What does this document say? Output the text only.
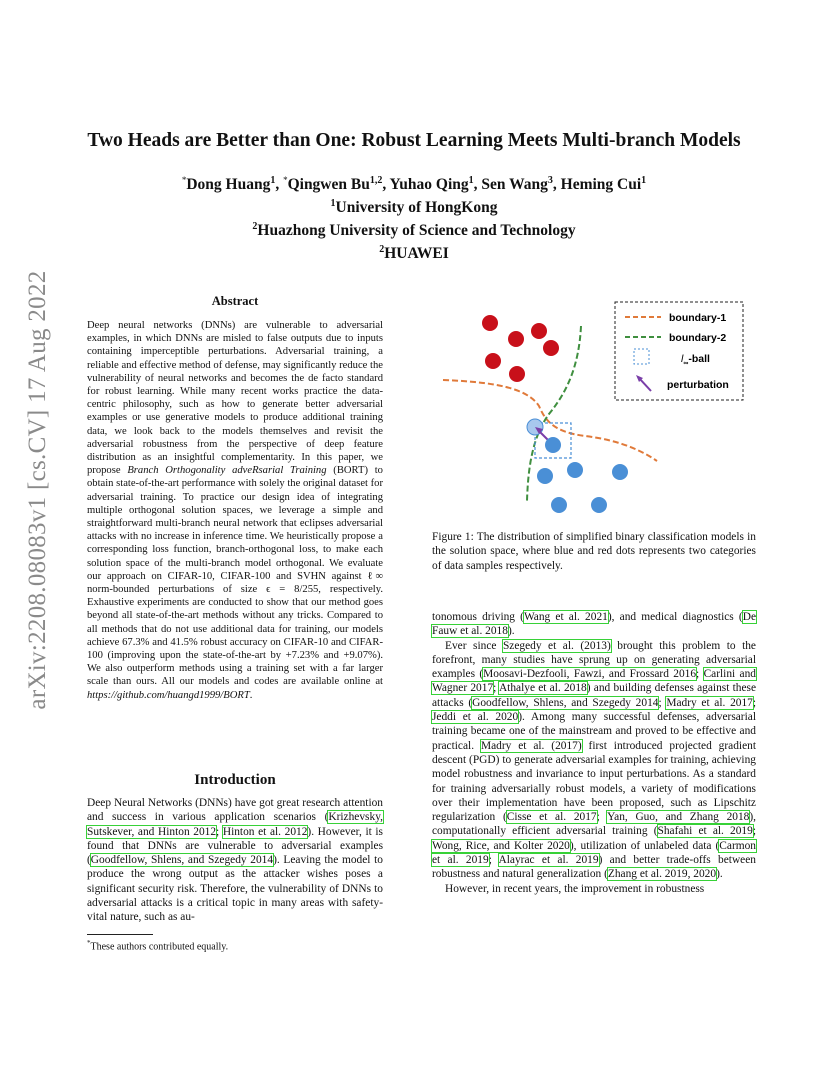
arXiv:2208.08083v1 [cs.CV] 17 Aug 2022
Two Heads are Better than One: Robust Learning Meets Multi-branch Models
*Dong Huang$^1$, *Qingwen Bu$^{1,2}$, Yuhao Qing$^1$, Sen Wang$^3$, Heming Cui$^1$
$^1$University of HongKong
$^2$Huazhong University of Science and Technology
$^2$HUAWEI
Abstract

Deep neural networks (DNNs) are vulnerable to adversarial examples, in which DNNs are misled to false outputs due to inputs containing imperceptible perturbations. Adversarial training, a reliable and effective method of defense, may significantly reduce the vulnerability of neural networks and becomes the de facto standard for robust learning. While many recent works practice the data-centric philosophy, such as how to generate better adversarial examples or use generative models to produce additional training data, we look back to the models themselves and revisit the adversarial robustness from the perspective of deep feature distribution as an insightful complementarity. In this paper, we propose Branch Orthogonality adveRsarial Training (BORT) to obtain state-of-the-art performance with solely the original dataset for adversarial training. To practice our design idea of integrating multiple orthogonal solution spaces, we leverage a simple and straightforward multi-branch neural network that eclipses adversarial attacks with no increase in inference time. We heuristically propose a corresponding loss function, branch-orthogonal loss, to make each solution space of the multi-branch model orthogonal. We evaluate our approach on CIFAR-10, CIFAR-100 and SVHN against ℓ∞ norm-bounded perturbations of size ϵ = 8/255, respectively. Exhaustive experiments are conducted to show that our method goes beyond all state-of-the-art methods without any tricks. Compared to all methods that do not use additional data for training, our models achieve 67.3% and 41.5% robust accuracy on CIFAR-10 and CIFAR-100 (improving upon the state-of-the-art by +7.23% and +9.07%). We also outperform methods using a training set with a far larger scale than ours. All our models and codes are available online at https://github.com/huangd1999/BORT.

Introduction

Deep Neural Networks (DNNs) have got great research attention and success in various application scenarios (Krizhevsky, Sutskever, and Hinton 2012; Hinton et al. 2012). However, it is found that DNNs are vulnerable to adversarial examples (Goodfellow, Shlens, and Szegedy 2014). Leaving the model to produce the wrong output as the attacker wishes poses a significant security risk. Therefore, the vulnerability of DNNs to adversarial attacks is a critical topic in many areas with safety-vital nature, such as au-

*These authors contributed equally.
boundary-1
boundary-2
$l_\infty$-ball
perturbation
Figure 1: The distribution of simplified binary classification models in the solution space, where blue and red dots represents two categories of data samples respectively.

tonomous driving (Wang et al. 2021), and medical diagnostics (De Fauw et al. 2018).

Ever since Szegedy et al. (2013) brought this problem to the forefront, many studies have sprung up on generating adversarial examples (Moosavi-Dezfooli, Fawzi, and Frossard 2016; Carlini and Wagner 2017; Athalye et al. 2018) and building defenses against these attacks (Goodfellow, Shlens, and Szegedy 2014; Madry et al. 2017; Jeddi et al. 2020). Among many successful defenses, adversarial training became one of the mainstream and proved to be effective and practical. Madry et al. (2017) first introduced projected gradient descent (PGD) to generate adversarial examples for training, achieving model robustness and invariance to input perturbations. As a standard for training adversarially robust models, a variety of modifications over their implementation have been proposed, such as Lipschitz regularization (Cisse et al. 2017; Yan, Guo, and Zhang 2018), computationally efficient adversarial training (Shafahi et al. 2019; Wong, Rice, and Kolter 2020), utilization of unlabeled data (Carmon et al. 2019; Alayrac et al. 2019) and better trade-offs between robustness and natural generalization (Zhang et al. 2019, 2020).

However, in recent years, the improvement in robustness
